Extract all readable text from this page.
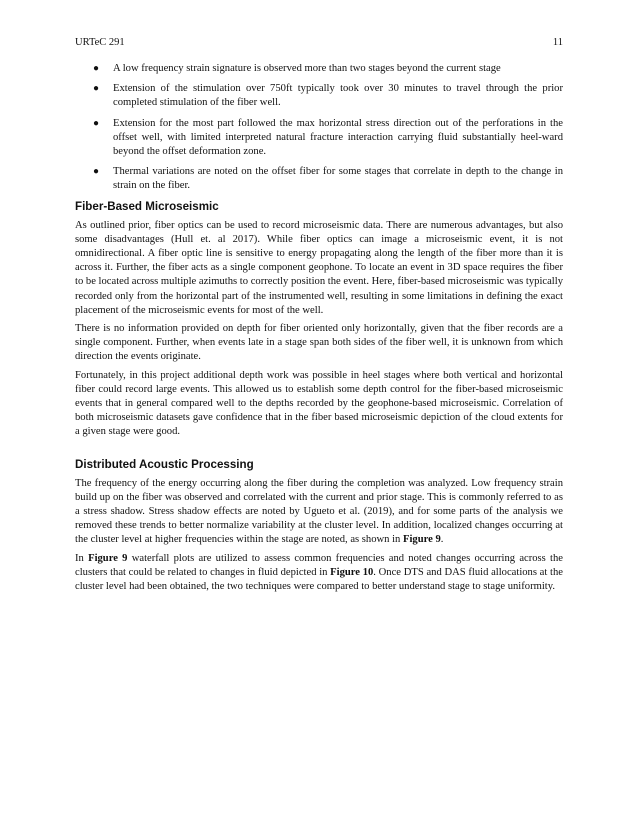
URTeC 291	11
● A low frequency strain signature is observed more than two stages beyond the current stage
● Extension of the stimulation over 750ft typically took over 30 minutes to travel through the prior completed stimulation of the fiber well.
● Extension for the most part followed the max horizontal stress direction out of the perforations in the offset well, with limited interpreted natural fracture interaction carrying fluid substantially heel-ward beyond the offset deformation zone.
● Thermal variations are noted on the offset fiber for some stages that correlate in depth to the change in strain on the fiber.
Fiber-Based Microseismic

As outlined prior, fiber optics can be used to record microseismic data. There are numerous advantages, but also some disadvantages (Hull et. al 2017). While fiber optics can image a microseismic event, it is not omnidirectional. A fiber optic line is sensitive to energy propagating along the length of the fiber more than it is across it. Further, the fiber acts as a single component geophone. To locate an event in 3D space requires the fiber to be located across multiple azimuths to correctly position the event. Here, fiber-based microseismic was typically recorded only from the horizontal part of the instrumented well, resulting in some limitations in defining the exact placement of the microseismic events for most of the well.

There is no information provided on depth for fiber oriented only horizontally, given that the fiber records are a single component. Further, when events late in a stage span both sides of the fiber well, it is unknown from which direction the events originate.

Fortunately, in this project additional depth work was possible in heel stages where both vertical and horizontal fiber could record large events. This allowed us to establish some depth control for the fiber-based microseismic events that in general compared well to the depths recorded by the geophone-based microseismic. Correlation of both microseismic datasets gave confidence that in the fiber based microseismic depiction of the cloud extents for a given stage were good.

Distributed Acoustic Processing

The frequency of the energy occurring along the fiber during the completion was analyzed. Low frequency strain build up on the fiber was observed and correlated with the current and prior stage. This is commonly referred to as a stress shadow. Stress shadow effects are noted by Ugueto et al. (2019), and for some parts of the analysis we removed these trends to better normalize variability at the cluster level. In addition, localized changes occurring at the cluster level at higher frequencies within the stage are noted, as shown in Figure 9.

In Figure 9 waterfall plots are utilized to assess common frequencies and noted changes occurring across the clusters that could be related to changes in fluid depicted in Figure 10. Once DTS and DAS fluid allocations at the cluster level had been obtained, the two techniques were compared to better understand stage to stage uniformity.
